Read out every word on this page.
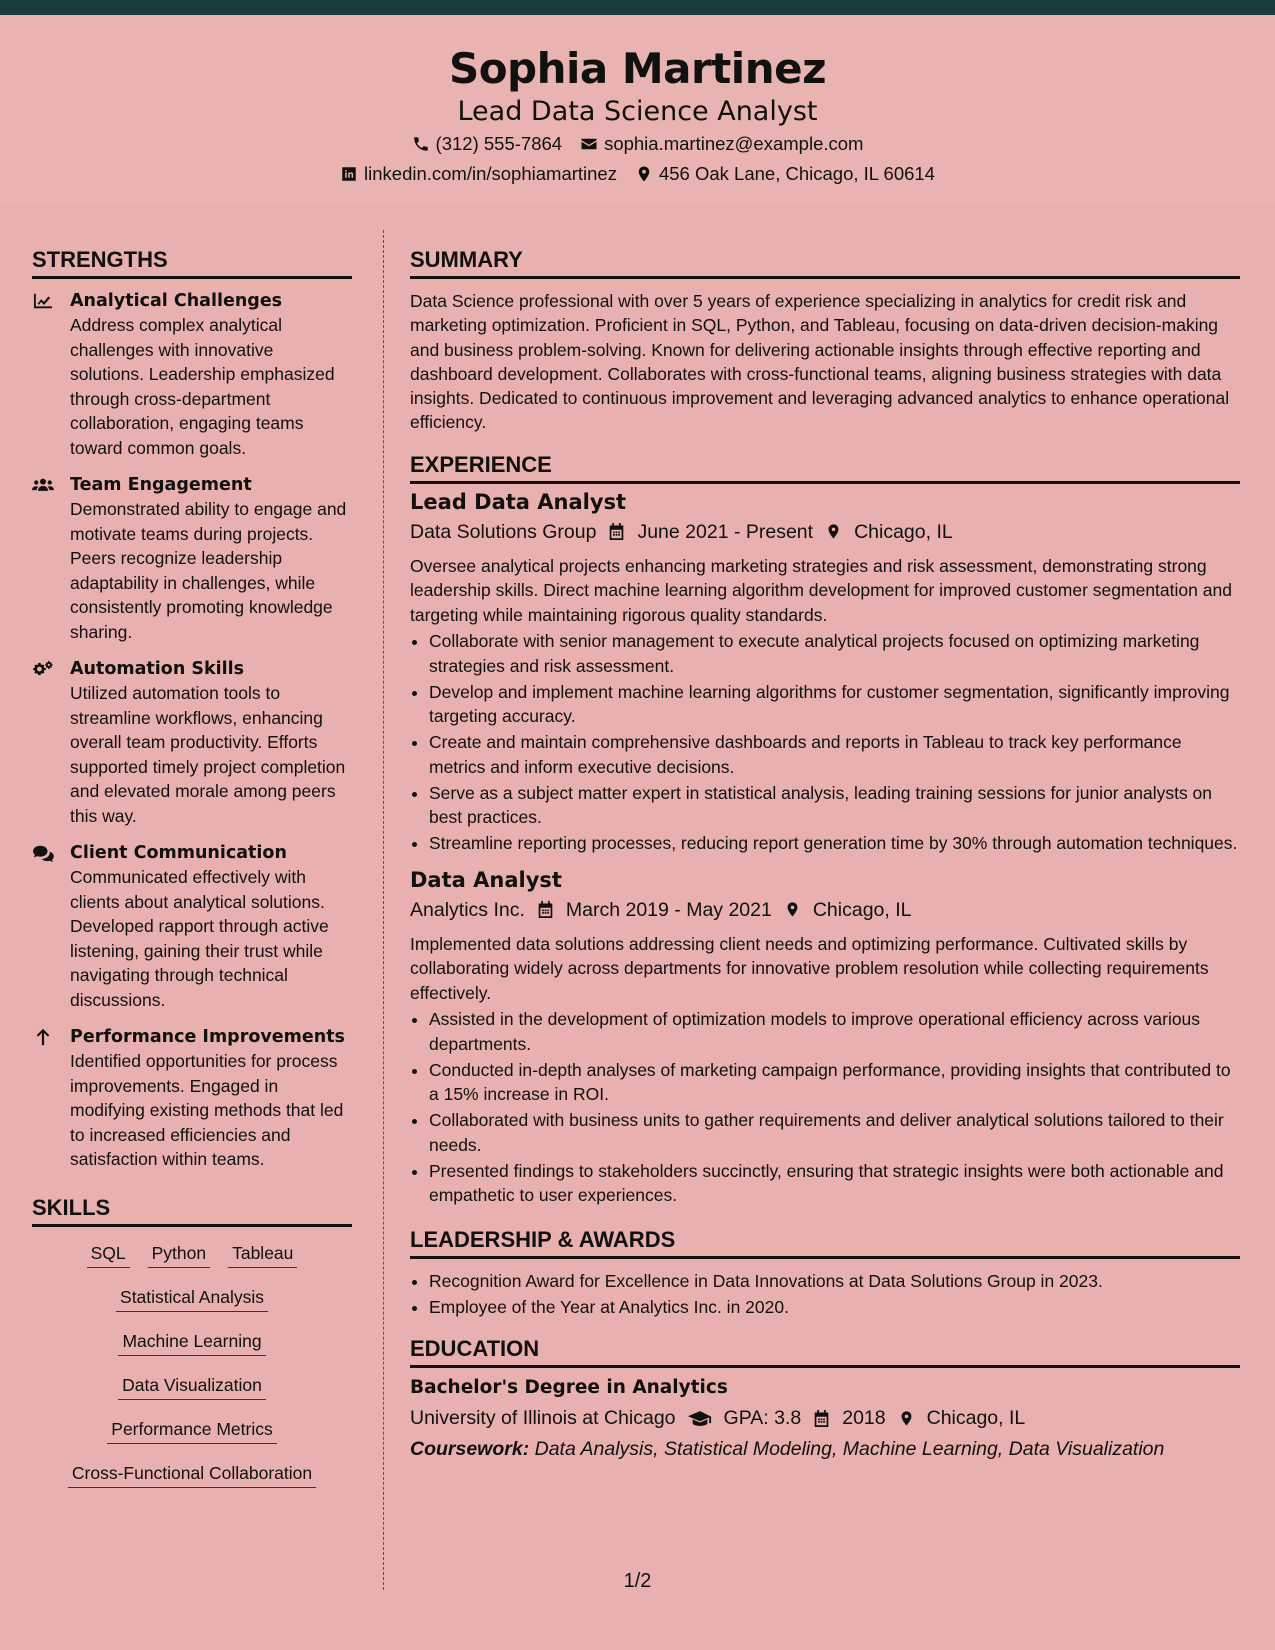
Sophia Martinez
Lead Data Science Analyst
(312) 555-7864 sophia.martinez@example.com
linkedin.com/in/sophiamartinez 456 Oak Lane, Chicago, IL 60614
STRENGTHS
Analytical Challenges

Address complex analytical challenges with innovative solutions. Leadership emphasized through cross-department collaboration, engaging teams toward common goals.

Team Engagement

Demonstrated ability to engage and motivate teams during projects. Peers recognize leadership adaptability in challenges, while consistently promoting knowledge sharing.

Automation Skills

Utilized automation tools to streamline workflows, enhancing overall team productivity. Efforts supported timely project completion and elevated morale among peers this way.

Client Communication

Communicated effectively with clients about analytical solutions. Developed rapport through active listening, gaining their trust while navigating through technical discussions.

Performance Improvements

Identified opportunities for process improvements. Engaged in modifying existing methods that led to increased efficiencies and satisfaction within teams.

SKILLS
SQL Python Tableau
Statistical Analysis
Machine Learning
Data Visualization
Performance Metrics
Cross-Functional Collaboration
SUMMARY

Data Science professional with over 5 years of experience specializing in analytics for credit risk and marketing optimization. Proficient in SQL, Python, and Tableau, focusing on data-driven decision-making and business problem-solving. Known for delivering actionable insights through effective reporting and dashboard development. Collaborates with cross-functional teams, aligning business strategies with data insights. Dedicated to continuous improvement and leveraging advanced analytics to enhance operational efficiency.

EXPERIENCE
Lead Data Analyst
Data Solutions Group June 2021 - Present Chicago, IL

Oversee analytical projects enhancing marketing strategies and risk assessment, demonstrating strong leadership skills. Direct machine learning algorithm development for improved customer segmentation and targeting while maintaining rigorous quality standards.

• Collaborate with senior management to execute analytical projects focused on optimizing marketing strategies and risk assessment.
• Develop and implement machine learning algorithms for customer segmentation, significantly improving targeting accuracy.
• Create and maintain comprehensive dashboards and reports in Tableau to track key performance metrics and inform executive decisions.
• Serve as a subject matter expert in statistical analysis, leading training sessions for junior analysts on best practices.
• Streamline reporting processes, reducing report generation time by 30% through automation techniques.
Data Analyst
Analytics Inc. March 2019 - May 2021 Chicago, IL

Implemented data solutions addressing client needs and optimizing performance. Cultivated skills by collaborating widely across departments for innovative problem resolution while collecting requirements effectively.

• Assisted in the development of optimization models to improve operational efficiency across various departments.
• Conducted in-depth analyses of marketing campaign performance, providing insights that contributed to a 15% increase in ROI.
• Collaborated with business units to gather requirements and deliver analytical solutions tailored to their needs.
• Presented findings to stakeholders succinctly, ensuring that strategic insights were both actionable and empathetic to user experiences.
LEADERSHIP & AWARDS
• Recognition Award for Excellence in Data Innovations at Data Solutions Group in 2023.
• Employee of the Year at Analytics Inc. in 2020.
EDUCATION
Bachelor's Degree in Analytics
University of Illinois at Chicago GPA: 3.8 2018 Chicago, IL
Coursework: Data Analysis, Statistical Modeling, Machine Learning, Data Visualization
1/2
